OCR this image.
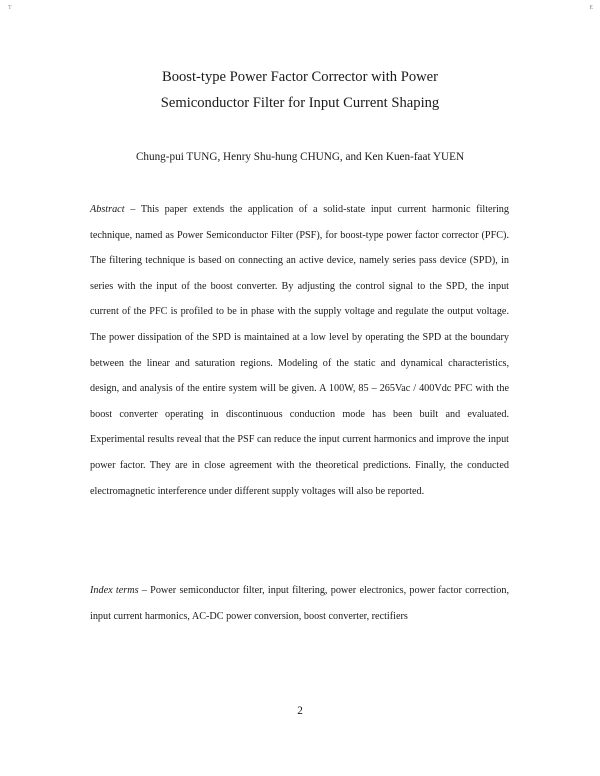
T	E
Boost-type Power Factor Corrector with Power
Semiconductor Filter for Input Current Shaping
Chung-pui TUNG, Henry Shu-hung CHUNG, and Ken Kuen-faat YUEN

Abstract – This paper extends the application of a solid-state input current harmonic filtering technique, named as Power Semiconductor Filter (PSF), for boost-type power factor corrector (PFC). The filtering technique is based on connecting an active device, namely series pass device (SPD), in series with the input of the boost converter. By adjusting the control signal to the SPD, the input current of the PFC is profiled to be in phase with the supply voltage and regulate the output voltage. The power dissipation of the SPD is maintained at a low level by operating the SPD at the boundary between the linear and saturation regions. Modeling of the static and dynamical characteristics, design, and analysis of the entire system will be given. A 100W, 85 – 265Vac / 400Vdc PFC with the boost converter operating in discontinuous conduction mode has been built and evaluated. Experimental results reveal that the PSF can reduce the input current harmonics and improve the input power factor. They are in close agreement with the theoretical predictions. Finally, the conducted electromagnetic interference under different supply voltages will also be reported.

Index terms – Power semiconductor filter, input filtering, power electronics, power factor correction, input current harmonics, AC-DC power conversion, boost converter, rectifiers

2
